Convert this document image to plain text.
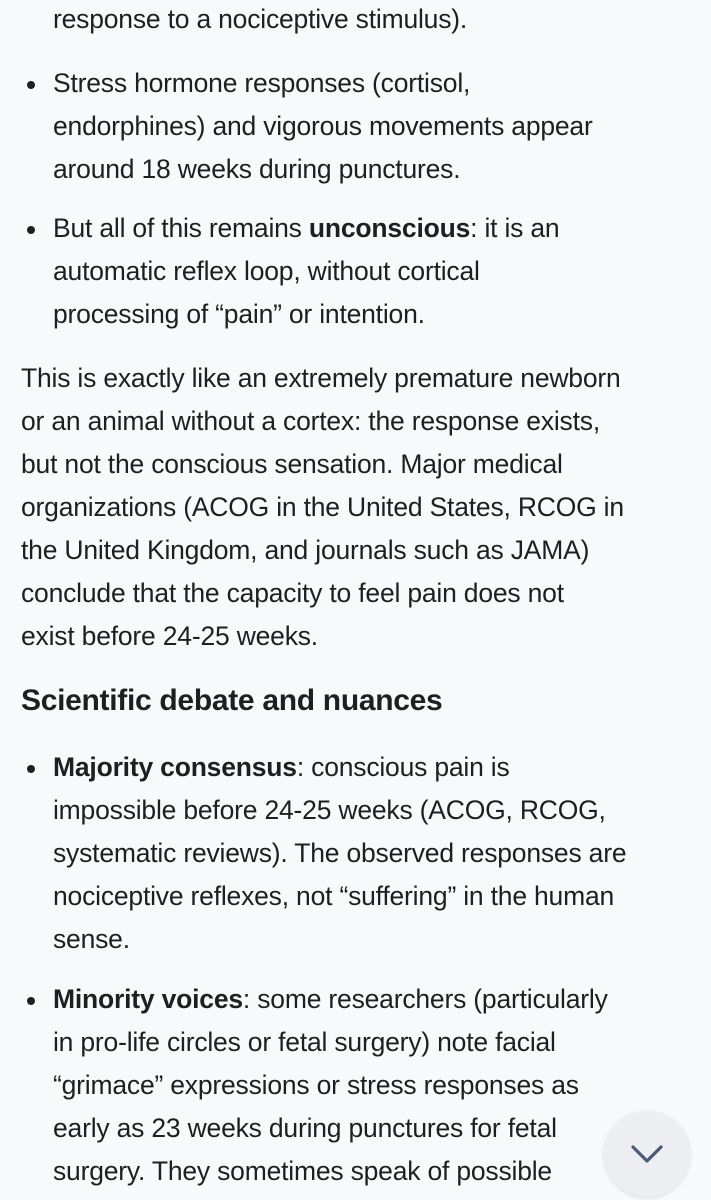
response to a nociceptive stimulus).
Stress hormone responses (cortisol,
endorphines) and vigorous movements appear
around 18 weeks during punctures.
But all of this remains unconscious: it is an
automatic reflex loop, without cortical
processing of “pain” or intention.
This is exactly like an extremely premature newborn
or an animal without a cortex: the response exists,
but not the conscious sensation. Major medical
organizations (ACOG in the United States, RCOG in
the United Kingdom, and journals such as JAMA)
conclude that the capacity to feel pain does not
exist before 24-25 weeks.
Scientific debate and nuances
Majority consensus: conscious pain is
impossible before 24-25 weeks (ACOG, RCOG,
systematic reviews). The observed responses are
nociceptive reflexes, not “suffering” in the human
sense.
Minority voices: some researchers (particularly
in pro-life circles or fetal surgery) note facial
“grimace” expressions or stress responses as
early as 23 weeks during punctures for fetal
surgery. They sometimes speak of possible
